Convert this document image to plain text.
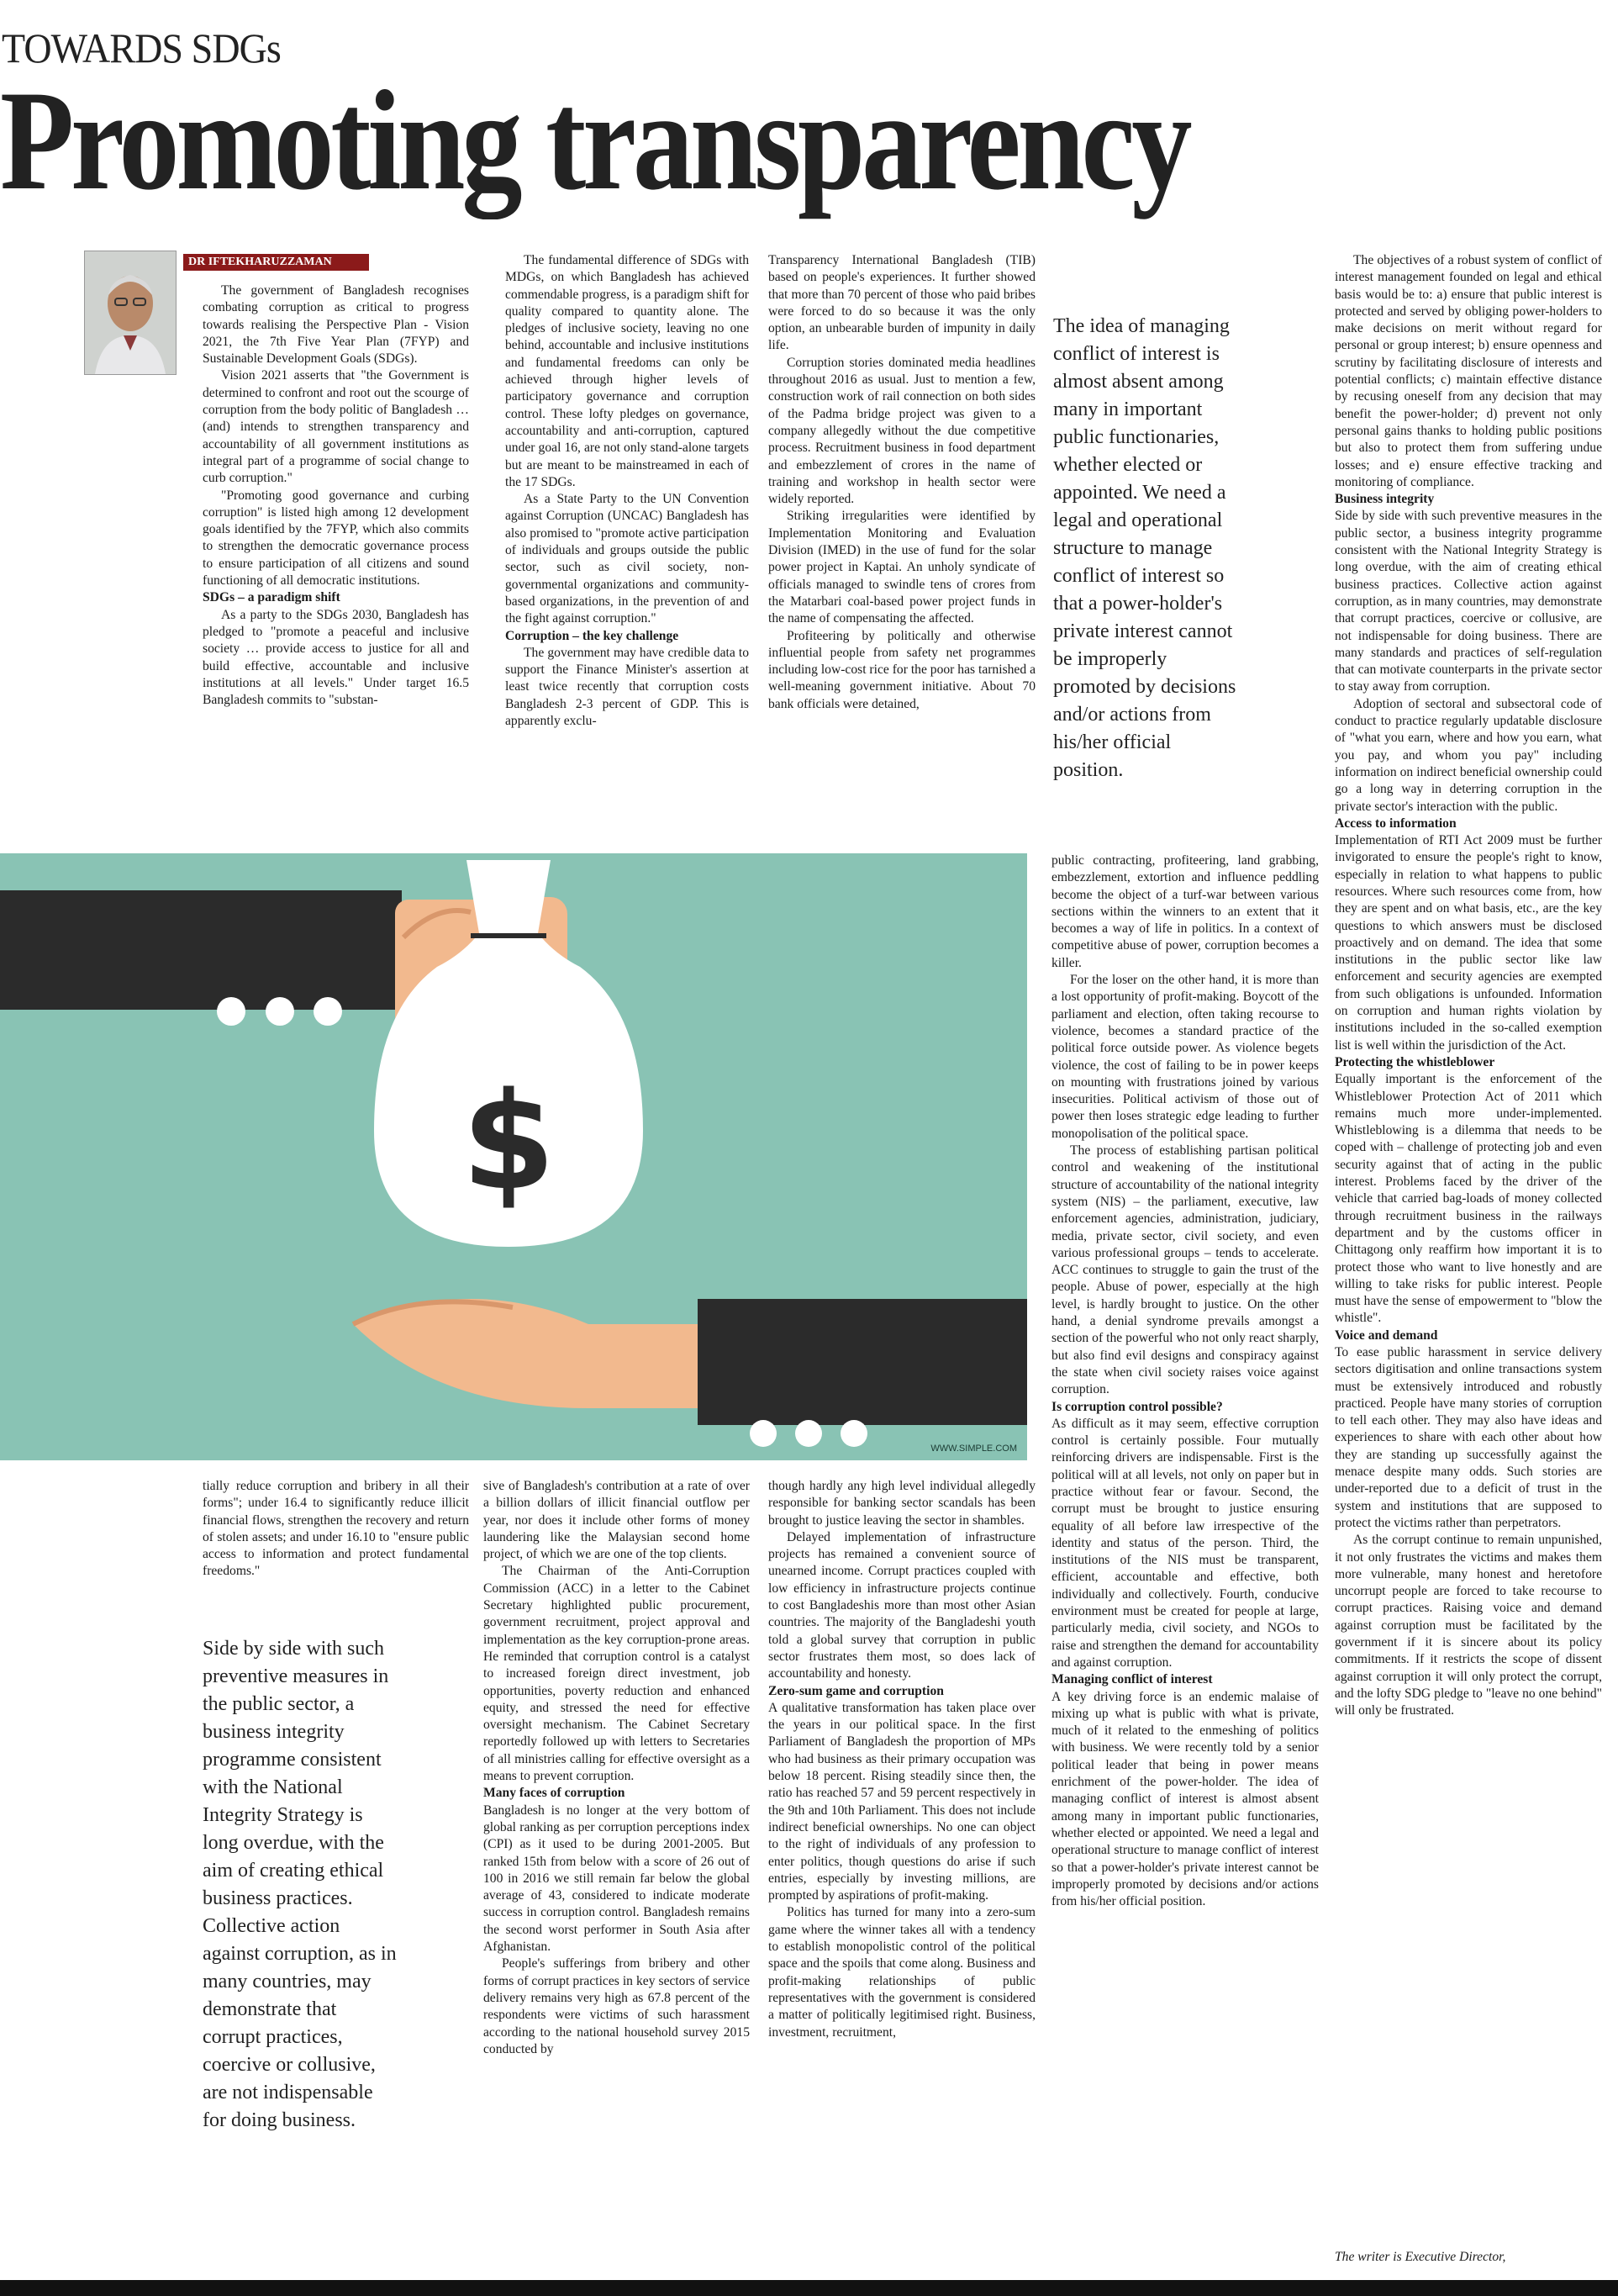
TOWARDS SDGs
Promoting transparency
DR IFTEKHARUZZAMAN

The government of Bangladesh recognises combating corruption as critical to progress towards realising the Perspective Plan - Vision 2021, the 7th Five Year Plan (7FYP) and Sustainable Development Goals (SDGs).

Vision 2021 asserts that "the Government is determined to confront and root out the scourge of corruption from the body politic of Bangladesh … (and) intends to strengthen transparency and accountability of all government institutions as integral part of a programme of social change to curb corruption."

"Promoting good governance and curbing corruption" is listed high among 12 development goals identified by the 7FYP, which also commits to strengthen the democratic governance process to ensure participation of all citizens and sound functioning of all democratic institutions.

SDGs – a paradigm shift

As a party to the SDGs 2030, Bangladesh has pledged to "promote a peaceful and inclusive society … provide access to justice for all and build effective, accountable and inclusive institutions at all levels." Under target 16.5 Bangladesh commits to "substan-

The fundamental difference of SDGs with MDGs, on which Bangladesh has achieved commendable progress, is a paradigm shift for quality compared to quantity alone. The pledges of inclusive society, leaving no one behind, accountable and inclusive institutions and fundamental freedoms can only be achieved through higher levels of participatory governance and corruption control. These lofty pledges on governance, accountability and anti-corruption, captured under goal 16, are not only stand-alone targets but are meant to be mainstreamed in each of the 17 SDGs.

As a State Party to the UN Convention against Corruption (UNCAC) Bangladesh has also promised to "promote active participation of individuals and groups outside the public sector, such as civil society, non-governmental organizations and community-based organizations, in the prevention of and the fight against corruption."

Corruption – the key challenge

The government may have credible data to support the Finance Minister's assertion at least twice recently that corruption costs Bangladesh 2-3 percent of GDP. This is apparently exclu-

Transparency International Bangladesh (TIB) based on people's experiences. It further showed that more than 70 percent of those who paid bribes were forced to do so because it was the only option, an unbearable burden of impunity in daily life.

Corruption stories dominated media headlines throughout 2016 as usual. Just to mention a few, construction work of rail connection on both sides of the Padma bridge project was given to a company allegedly without the due competitive process. Recruitment business in food department and embezzlement of crores in the name of training and workshop in health sector were widely reported.

Striking irregularities were identified by Implementation Monitoring and Evaluation Division (IMED) in the use of fund for the solar power project in Kaptai. An unholy syndicate of officials managed to swindle tens of crores from the Matarbari coal-based power project funds in the name of compensating the affected.

Profiteering by politically and otherwise influential people from safety net programmes including low-cost rice for the poor has tarnished a well-meaning government initiative. About 70 bank officials were detained,

The objectives of a robust system of conflict of interest management founded on legal and ethical basis would be to: a) ensure that public interest is protected and served by obliging power-holders to make decisions on merit without regard for personal or group interest; b) ensure openness and scrutiny by facilitating disclosure of interests and potential conflicts; c) maintain effective distance by recusing oneself from any decision that may benefit the power-holder; d) prevent not only personal gains thanks to holding public positions but also to protect them from suffering undue losses; and e) ensure effective tracking and monitoring of compliance.

Business integrity

Side by side with such preventive measures in the public sector, a business integrity programme consistent with the National Integrity Strategy is long overdue, with the aim of creating ethical business practices. Collective action against corruption, as in many countries, may demonstrate that corrupt practices, coercive or collusive, are not indispensable for doing business. There are many standards and practices of self-regulation that can motivate counterparts in the private sector to stay away from corruption.

Adoption of sectoral and subsectoral code of conduct to practice regularly updatable disclosure of "what you earn, where and how you earn, what you pay, and whom you pay" including information on indirect beneficial ownership could go a long way in deterring corruption in the private sector's interaction with the public.

Access to information

Implementation of RTI Act 2009 must be further invigorated to ensure the people's right to know, especially in relation to what happens to public resources. Where such resources come from, how they are spent and on what basis, etc., are the key questions to which answers must be disclosed proactively and on demand. The idea that some institutions in the public sector like law enforcement and security agencies are exempted from such obligations is unfounded. Information on corruption and human rights violation by institutions included in the so-called exemption list is well within the jurisdiction of the Act.

Protecting the whistleblower

Equally important is the enforcement of the Whistleblower Protection Act of 2011 which remains much more under-implemented. Whistleblowing is a dilemma that needs to be coped with – challenge of protecting job and even security against that of acting in the public interest. Problems faced by the driver of the vehicle that carried bag-loads of money collected through recruitment business in the railways department and by the customs officer in Chittagong only reaffirm how important it is to protect those who want to live honestly and are willing to take risks for public interest. People must have the sense of empowerment to "blow the whistle".

Voice and demand

To ease public harassment in service delivery sectors digitisation and online transactions system must be extensively introduced and robustly practiced. People have many stories of corruption to tell each other. They may also have ideas and experiences to share with each other about how they are standing up successfully against the menace despite many odds. Such stories are under-reported due to a deficit of trust in the system and institutions that are supposed to protect the victims rather than perpetrators.

As the corrupt continue to remain unpunished, it not only frustrates the victims and makes them more vulnerable, many honest and heretofore uncorrupt people are forced to take recourse to corrupt practices. Raising voice and demand against corruption must be facilitated by the government if it is sincere about its policy commitments. If it restricts the scope of dissent against corruption it will only protect the corrupt, and the lofty SDG pledge to "leave no one behind" will only be frustrated.

The idea of managing conflict of interest is almost absent among many in important public functionaries, whether elected or appointed. We need a legal and operational structure to manage conflict of interest so that a power-holder's private interest cannot be improperly promoted by decisions and/or actions from his/her official position.
$
WWW.SIMPLE.COM

public contracting, profiteering, land grabbing, embezzlement, extortion and influence peddling become the object of a turf-war between various sections within the winners to an extent that it becomes a way of life in politics. In a context of competitive abuse of power, corruption becomes a killer.

For the loser on the other hand, it is more than a lost opportunity of profit-making. Boycott of the parliament and election, often taking recourse to violence, becomes a standard practice of the political force outside power. As violence begets violence, the cost of failing to be in power keeps on mounting with frustrations joined by various insecurities. Political activism of those out of power then loses strategic edge leading to further monopolisation of the political space.

The process of establishing partisan political control and weakening of the institutional structure of accountability of the national integrity system (NIS) – the parliament, executive, law enforcement agencies, administration, judiciary, media, private sector, civil society, and even various professional groups – tends to accelerate. ACC continues to struggle to gain the trust of the people. Abuse of power, especially at the high level, is hardly brought to justice. On the other hand, a denial syndrome prevails amongst a section of the powerful who not only react sharply, but also find evil designs and conspiracy against the state when civil society raises voice against corruption.

Is corruption control possible?

As difficult as it may seem, effective corruption control is certainly possible. Four mutually reinforcing drivers are indispensable. First is the political will at all levels, not only on paper but in practice without fear or favour. Second, the corrupt must be brought to justice ensuring equality of all before law irrespective of the identity and status of the person. Third, the institutions of the NIS must be transparent, efficient, accountable and effective, both individually and collectively. Fourth, conducive environment must be created for people at large, particularly media, civil society, and NGOs to raise and strengthen the demand for accountability and against corruption.

Managing conflict of interest

A key driving force is an endemic malaise of mixing up what is public with what is private, much of it related to the enmeshing of politics with business. We were recently told by a senior political leader that being in power means enrichment of the power-holder. The idea of managing conflict of interest is almost absent among many in important public functionaries, whether elected or appointed. We need a legal and operational structure to manage conflict of interest so that a power-holder's private interest cannot be improperly promoted by decisions and/or actions from his/her official position.

tially reduce corruption and bribery in all their forms"; under 16.4 to significantly reduce illicit financial flows, strengthen the recovery and return of stolen assets; and under 16.10 to "ensure public access to information and protect fundamental freedoms."

sive of Bangladesh's contribution at a rate of over a billion dollars of illicit financial outflow per year, nor does it include other forms of money laundering like the Malaysian second home project, of which we are one of the top clients.

The Chairman of the Anti-Corruption Commission (ACC) in a letter to the Cabinet Secretary highlighted public procurement, government recruitment, project approval and implementation as the key corruption-prone areas. He reminded that corruption control is a catalyst to increased foreign direct investment, job opportunities, poverty reduction and enhanced equity, and stressed the need for effective oversight mechanism. The Cabinet Secretary reportedly followed up with letters to Secretaries of all ministries calling for effective oversight as a means to prevent corruption.

Many faces of corruption

Bangladesh is no longer at the very bottom of global ranking as per corruption perceptions index (CPI) as it used to be during 2001-2005. But ranked 15th from below with a score of 26 out of 100 in 2016 we still remain far below the global average of 43, considered to indicate moderate success in corruption control. Bangladesh remains the second worst performer in South Asia after Afghanistan.

People's sufferings from bribery and other forms of corrupt practices in key sectors of service delivery remains very high as 67.8 percent of the respondents were victims of such harassment according to the national household survey 2015 conducted by

though hardly any high level individual allegedly responsible for banking sector scandals has been brought to justice leaving the sector in shambles.

Delayed implementation of infrastructure projects has remained a convenient source of unearned income. Corrupt practices coupled with low efficiency in infrastructure projects continue to cost Bangladeshis more than most other Asian countries. The majority of the Bangladeshi youth told a global survey that corruption in public sector frustrates them most, so does lack of accountability and honesty.

Zero-sum game and corruption

A qualitative transformation has taken place over the years in our political space. In the first Parliament of Bangladesh the proportion of MPs who had business as their primary occupation was below 18 percent. Rising steadily since then, the ratio has reached 57 and 59 percent respectively in the 9th and 10th Parliament. This does not include indirect beneficial ownerships. No one can object to the right of individuals of any profession to enter politics, though questions do arise if such entries, especially by investing millions, are prompted by aspirations of profit-making.

Politics has turned for many into a zero-sum game where the winner takes all with a tendency to establish monopolistic control of the political space and the spoils that come along. Business and profit-making relationships of public representatives with the government is considered a matter of politically legitimised right. Business, investment, recruitment,

Side by side with such preventive measures in the public sector, a business integrity programme consistent with the National Integrity Strategy is long overdue, with the aim of creating ethical business practices. Collective action against corruption, as in many countries, may demonstrate that corrupt practices, coercive or collusive, are not indispensable for doing business.
The writer is Executive Director,
